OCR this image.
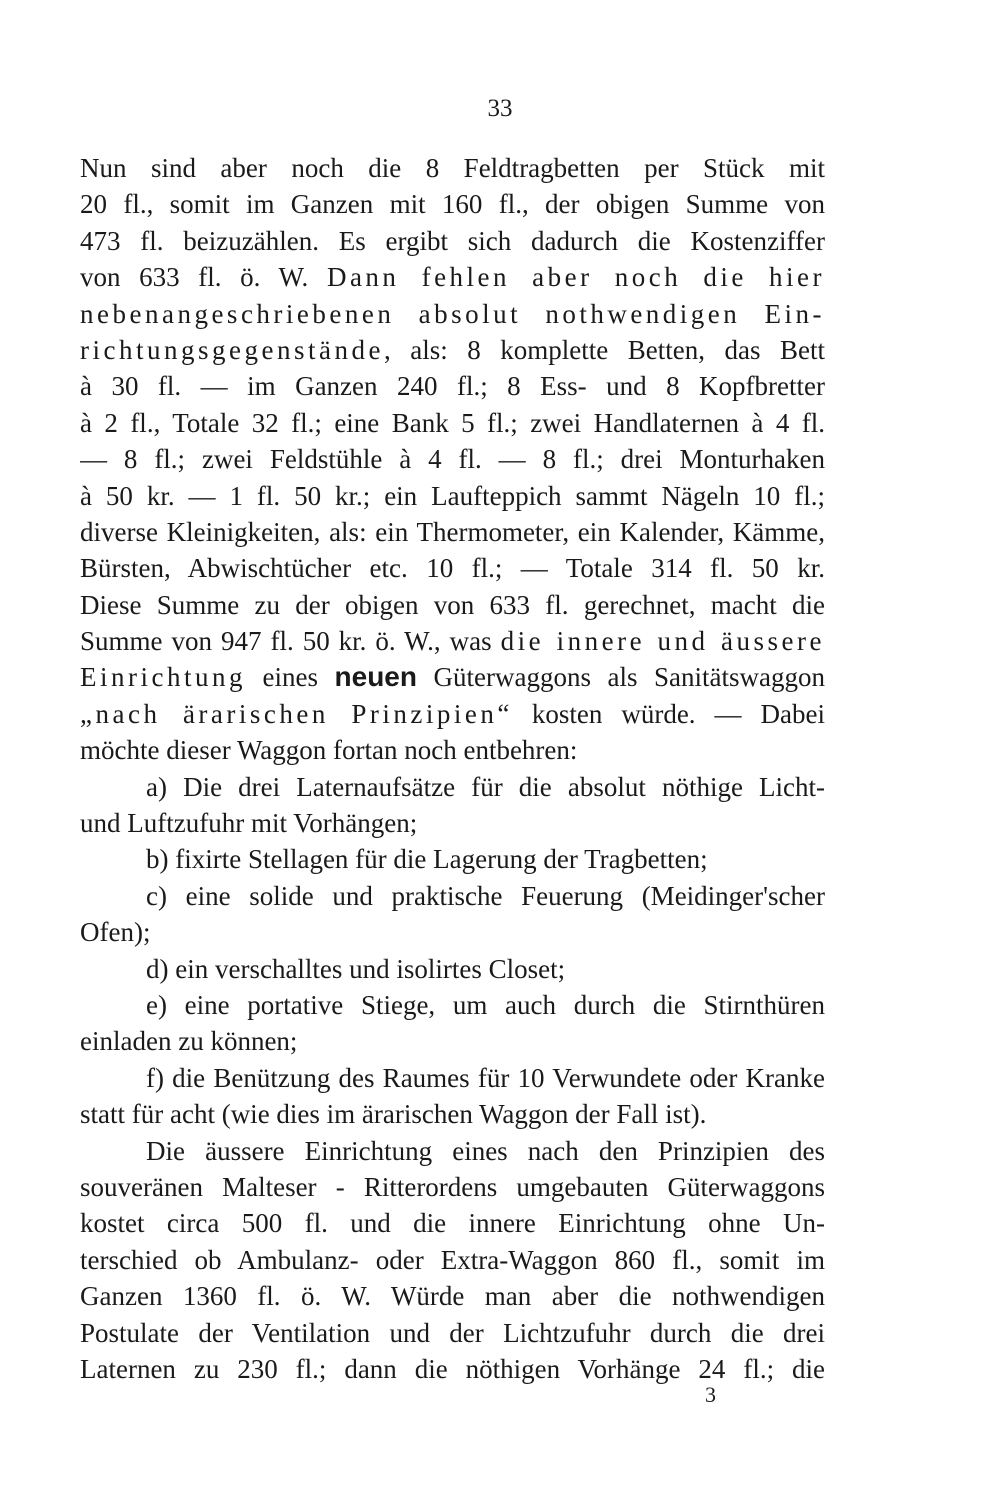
33
Nun sind aber noch die 8 Feldtragbetten per Stück mit
20 fl., somit im Ganzen mit 160 fl., der obigen Summe von
473 fl. beizuzählen. Es ergibt sich dadurch die Kostenziffer
von 633 fl. ö. W. Dann fehlen aber noch die hier
nebenangeschriebenen absolut nothwendigen Ein-
richtungsgegenstände, als: 8 komplette Betten, das Bett
à 30 fl. — im Ganzen 240 fl.; 8 Ess- und 8 Kopfbretter
à 2 fl., Totale 32 fl.; eine Bank 5 fl.; zwei Handlaternen à 4 fl.
— 8 fl.; zwei Feldstühle à 4 fl. — 8 fl.; drei Monturhaken
à 50 kr. — 1 fl. 50 kr.; ein Laufteppich sammt Nägeln 10 fl.;
diverse Kleinigkeiten, als: ein Thermometer, ein Kalender, Kämme,
Bürsten, Abwischtücher etc. 10 fl.; — Totale 314 fl. 50 kr.
Diese Summe zu der obigen von 633 fl. gerechnet, macht die
Summe von 947 fl. 50 kr. ö. W., was die innere und äussere
Einrichtung eines neuen Güterwaggons als Sanitätswaggon
„nach ärarischen Prinzipien“ kosten würde. — Dabei
möchte dieser Waggon fortan noch entbehren:
a) Die drei Laternaufsätze für die absolut nöthige Licht-
und Luftzufuhr mit Vorhängen;
b) fixirte Stellagen für die Lagerung der Tragbetten;
c) eine solide und praktische Feuerung (Meidinger'scher
Ofen);
d) ein verschalltes und isolirtes Closet;
e) eine portative Stiege, um auch durch die Stirnthüren
einladen zu können;
f) die Benützung des Raumes für 10 Verwundete oder Kranke
statt für acht (wie dies im ärarischen Waggon der Fall ist).
Die äussere Einrichtung eines nach den Prinzipien des
souveränen Malteser - Ritterordens umgebauten Güterwaggons
kostet circa 500 fl. und die innere Einrichtung ohne Un-
terschied ob Ambulanz- oder Extra-Waggon 860 fl., somit im
Ganzen 1360 fl. ö. W. Würde man aber die nothwendigen
Postulate der Ventilation und der Lichtzufuhr durch die drei
Laternen zu 230 fl.; dann die nöthigen Vorhänge 24 fl.; die
3
